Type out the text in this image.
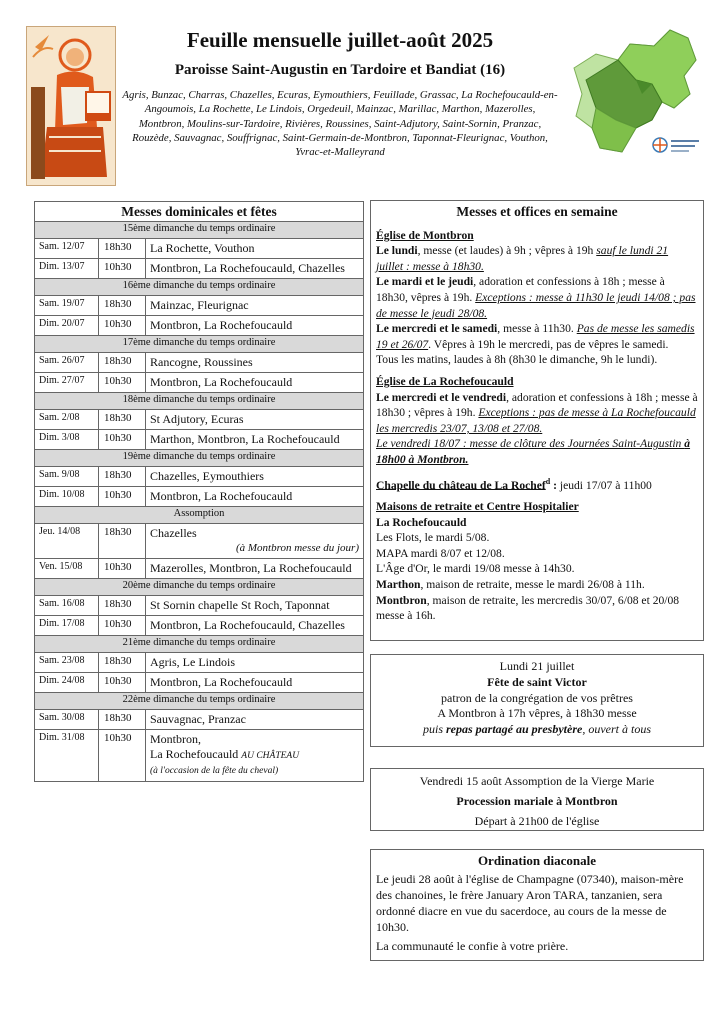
Feuille mensuelle juillet-août 2025
Paroisse Saint-Augustin en Tardoire et Bandiat (16)
Agris, Bunzac, Charras, Chazelles, Ecuras, Eymouthiers, Feuillade, Grassac, La Rochefoucauld-en-Angoumois, La Rochette, Le Lindois, Orgedeuil, Mainzac, Marillac, Marthon, Mazerolles, Montbron, Moulins-sur-Tardoire, Rivières, Roussines, Saint-Adjutory, Saint-Sornin, Pranzac, Rouzède, Sauvagnac, Souffrignac, Saint-Germain-de-Montbron, Taponnat-Fleurignac, Vouthon, Yvrac-et-Malleyrand
Messes dominicales et fêtes		
15ème dimanche du temps ordinaire		
Sam. 12/07	18h30	La Rochette, Vouthon
Dim. 13/07	10h30	Montbron, La Rochefoucauld, Chazelles
16ème dimanche du temps ordinaire		
Sam. 19/07	18h30	Mainzac, Fleurignac
Dim. 20/07	10h30	Montbron, La Rochefoucauld
17ème dimanche du temps ordinaire		
Sam. 26/07	18h30	Rancogne, Roussines
Dim. 27/07	10h30	Montbron, La Rochefoucauld
18ème dimanche du temps ordinaire		
Sam. 2/08	18h30	St Adjutory, Ecuras
Dim. 3/08	10h30	Marthon, Montbron, La Rochefoucauld
19ème dimanche du temps ordinaire		
Sam. 9/08	18h30	Chazelles, Eymouthiers
Dim. 10/08	10h30	Montbron, La Rochefoucauld
Assomption		
Jeu. 14/08	18h30	Chazelles
(à Montbron messe du jour)

Ven. 15/08	10h30	Mazerolles, Montbron, La Rochefoucauld
20ème dimanche du temps ordinaire		
Sam. 16/08	18h30	St Sornin chapelle St Roch, Taponnat
Dim. 17/08	10h30	Montbron, La Rochefoucauld, Chazelles
21ème dimanche du temps ordinaire		
Sam. 23/08	18h30	Agris, Le Lindois
Dim. 24/08	10h30	Montbron, La Rochefoucauld
22ème dimanche du temps ordinaire		
Sam. 30/08	18h30	Sauvagnac, Pranzac
Dim. 31/08	10h30	Montbron,
La Rochefoucauld AU CHÂTEAU
(à l'occasion de la fête du cheval)
Messes et offices en semaine
Église de Montbron

Le lundi, messe (et laudes) à 9h ; vêpres à 19h sauf le lundi 21 juillet : messe à 18h30.

Le mardi et le jeudi, adoration et confessions à 18h ; messe à 18h30, vêpres à 19h. Exceptions : messe à 11h30 le jeudi 14/08 ; pas de messe le jeudi 28/08.

Le mercredi et le samedi, messe à 11h30. Pas de messe les samedis 19 et 26/07. Vêpres à 19h le mercredi, pas de vêpres le samedi.

Tous les matins, laudes à 8h (8h30 le dimanche, 9h le lundi).

Église de La Rochefoucauld

Le mercredi et le vendredi, adoration et confessions à 18h ; messe à 18h30 ; vêpres à 19h. Exceptions : pas de messe à La Rochefoucauld les mercredis 23/07, 13/08 et 27/08.

Le vendredi 18/07 : messe de clôture des Journées Saint-Augustin à 18h00 à Montbron.

Chapelle du château de La Rochef$^d$ : jeudi 17/07 à 11h00

Maisons de retraite et Centre Hospitalier

La Rochefoucauld

Les Flots, le mardi 5/08.

MAPA mardi 8/07 et 12/08.

L'Âge d'Or, le mardi 19/08 messe à 14h30.

Marthon, maison de retraite, messe le mardi 26/08 à 11h.

Montbron, maison de retraite, les mercredis 30/07, 6/08 et 20/08 messe à 16h.

Lundi 21 juillet
Fête de saint Victor
patron de la congrégation de vos prêtres
A Montbron à 17h vêpres, à 18h30 messe
puis repas partagé au presbytère, ouvert à tous
Vendredi 15 août Assomption de la Vierge Marie
Procession mariale à Montbron
Départ à 21h00 de l'église
Ordination diaconale

Le jeudi 28 août à l'église de Champagne (07340), maison-mère des chanoines, le frère January Aron TARA, tanzanien, sera ordonné diacre en vue du sacerdoce, au cours de la messe de 10h30.

La communauté le confie à votre prière.
